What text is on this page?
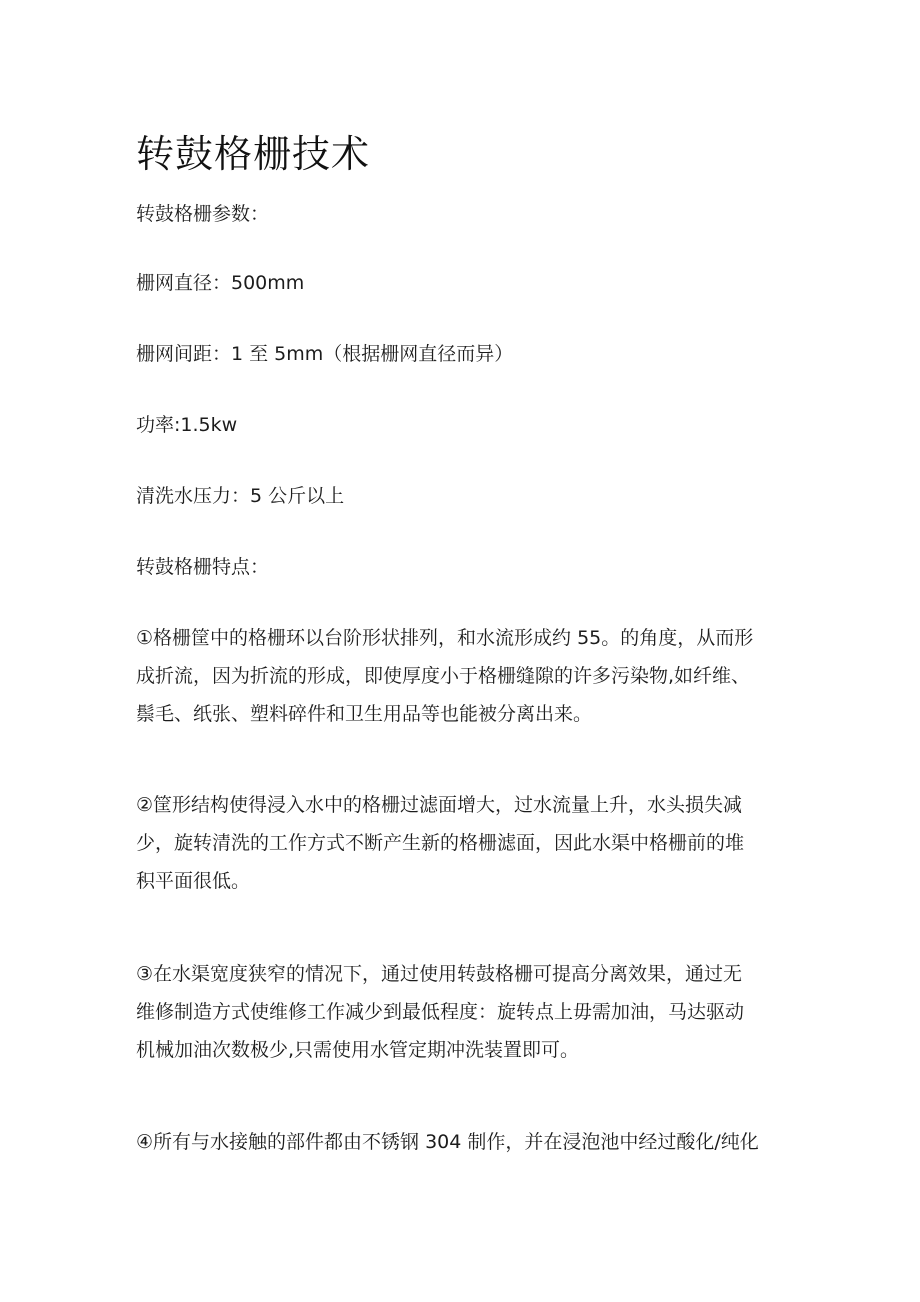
转鼓格栅技术

转鼓格栅参数：

栅网直径：500mm

栅网间距：1 至 5mm（根据栅网直径而异）

功率:1.5kw

清洗水压力：5 公斤以上

转鼓格栅特点：

①格栅筐中的格栅环以台阶形状排列，和水流形成约 55。的角度，从而形
成折流，因为折流的形成，即使厚度小于格栅缝隙的许多污染物,如纤维、
鬃毛、纸张、塑料碎件和卫生用品等也能被分离出来。
②筐形结构使得浸入水中的格栅过滤面增大，过水流量上升，水头损失减
少，旋转清洗的工作方式不断产生新的格栅滤面，因此水渠中格栅前的堆
积平面很低。
③在水渠宽度狭窄的情况下，通过使用转鼓格栅可提高分离效果，通过无
维修制造方式使维修工作减少到最低程度：旋转点上毋需加油，马达驱动
机械加油次数极少,只需使用水管定期冲洗装置即可。
④所有与水接触的部件都由不锈钢 304 制作，并在浸泡池中经过酸化/纯化
